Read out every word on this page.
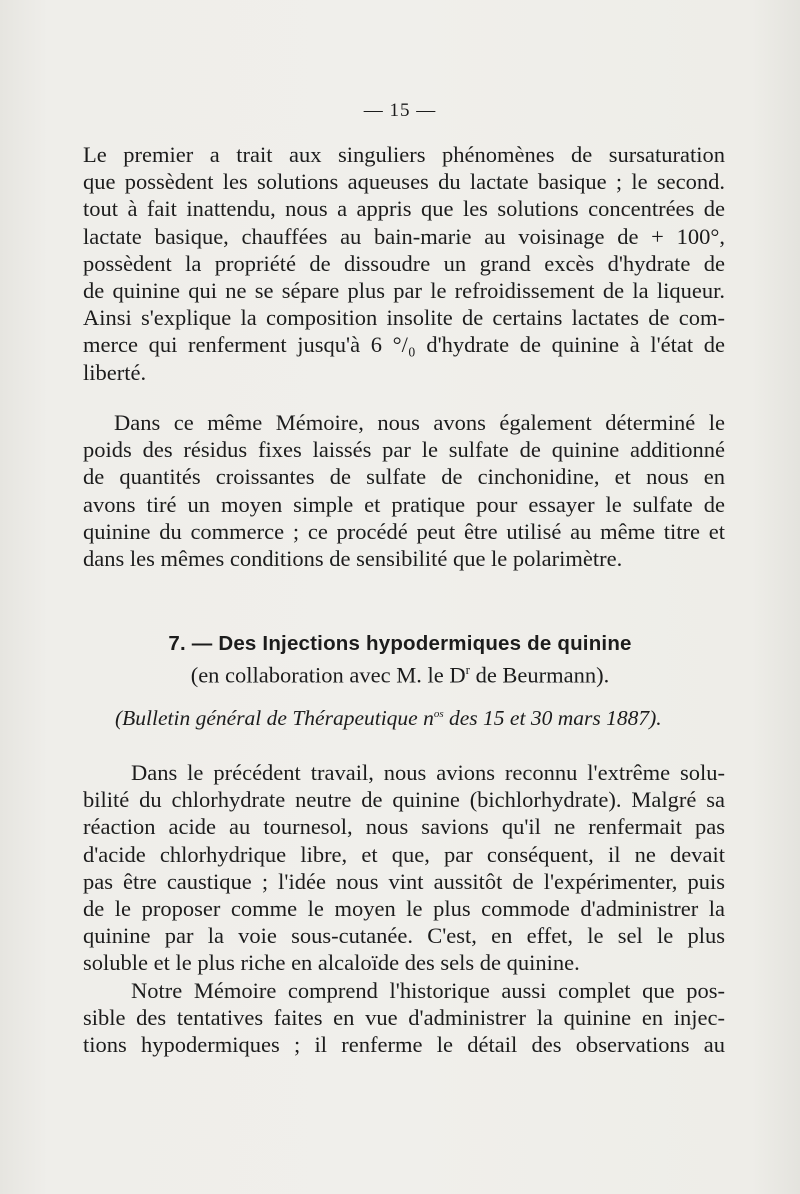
— 15 —
Le premier a trait aux singuliers phénomènes de sursaturation
que possèdent les solutions aqueuses du lactate basique ; le second.
tout à fait inattendu, nous a appris que les solutions concentrées de
lactate basique, chauffées au bain-marie au voisinage de + 100°,
possèdent la propriété de dissoudre un grand excès d'hydrate de
de quinine qui ne se sépare plus par le refroidissement de la liqueur.
Ainsi s'explique la composition insolite de certains lactates de com-
merce qui renferment jusqu'à 6 °/₀ d'hydrate de quinine à l'état de
liberté.
Dans ce même Mémoire, nous avons également déterminé le
poids des résidus fixes laissés par le sulfate de quinine additionné
de quantités croissantes de sulfate de cinchonidine, et nous en
avons tiré un moyen simple et pratique pour essayer le sulfate de
quinine du commerce ; ce procédé peut être utilisé au même titre et
dans les mêmes conditions de sensibilité que le polarimètre.
7. — Des Injections hypodermiques de quinine
(en collaboration avec M. le $D^r$ de Beurmann).
(Bulletin général de Thérapeutique $n^{os}$ des 15 et 30 mars 1887).
Dans le précédent travail, nous avions reconnu l'extrême solu-
bilité du chlorhydrate neutre de quinine (bichlorhydrate). Malgré sa
réaction acide au tournesol, nous savions qu'il ne renfermait pas
d'acide chlorhydrique libre, et que, par conséquent, il ne devait
pas être caustique ; l'idée nous vint aussitôt de l'expérimenter, puis
de le proposer comme le moyen le plus commode d'administrer la
quinine par la voie sous-cutanée. C'est, en effet, le sel le plus
soluble et le plus riche en alcaloïde des sels de quinine.
Notre Mémoire comprend l'historique aussi complet que pos-
sible des tentatives faites en vue d'administrer la quinine en injec-
tions hypodermiques ; il renferme le détail des observations au
